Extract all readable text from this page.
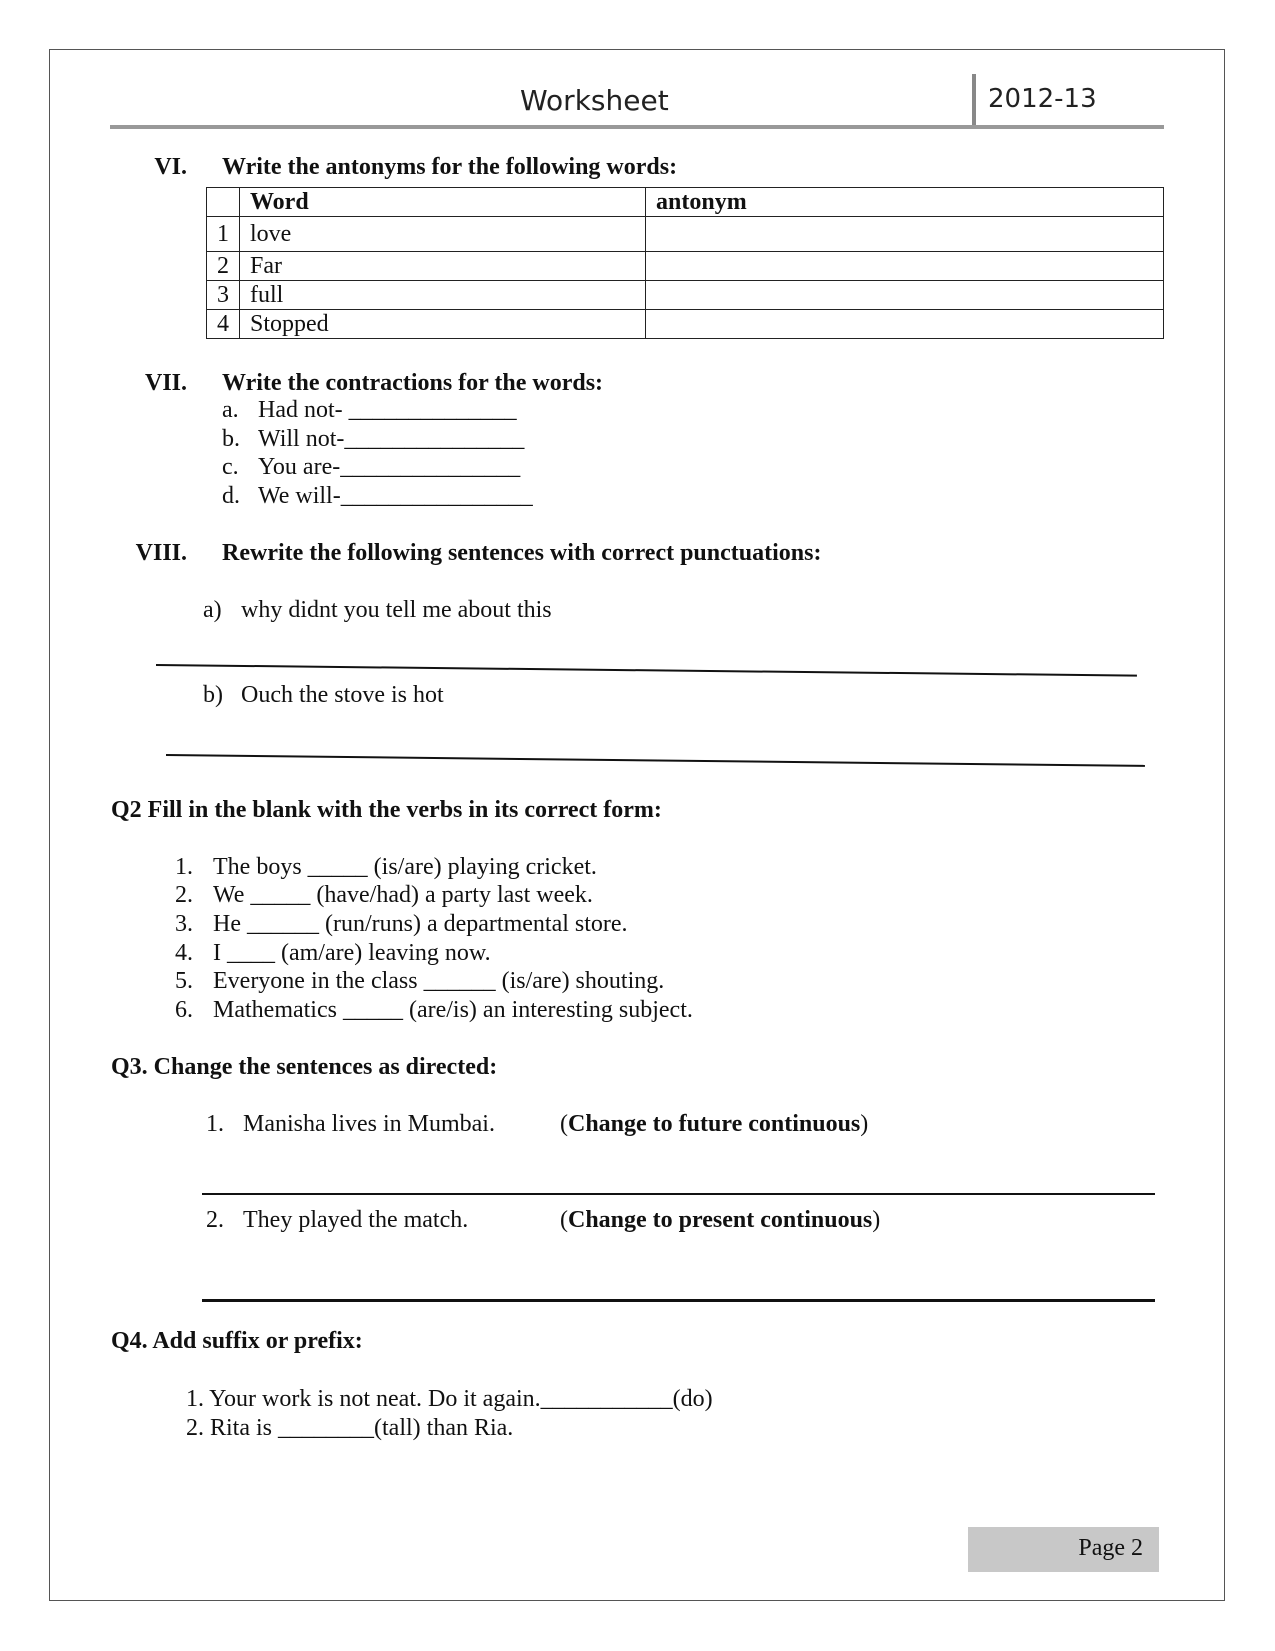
Worksheet	2012-13
VI. Write the antonyms for the following words:
	Word	antonym
1	love	
2	Far	
3	full	
4	Stopped	
VII. Write the contractions for the words:
a. Had not- ______________
b. Will not-_______________
c. You are-_______________
d. We will-________________
VIII. Rewrite the following sentences with correct punctuations:
a) why didnt you tell me about this
b) Ouch the stove is hot
Q2 Fill in the blank with the verbs in its correct form:
1. The boys _____ (is/are) playing cricket.
2. We _____ (have/had) a party last week.
3. He ______ (run/runs) a departmental store.
4. I ____ (am/are) leaving now.
5. Everyone in the class ______ (is/are) shouting.
6. Mathematics _____ (are/is) an interesting subject.
Q3. Change the sentences as directed:
1. Manisha lives in Mumbai.	(Change to future continuous)
2. They played the match.	(Change to present continuous)
Q4. Add suffix or prefix:
1. Your work is not neat. Do it again.___________(do)
2. Rita is ________(tall) than Ria.
Page 2
